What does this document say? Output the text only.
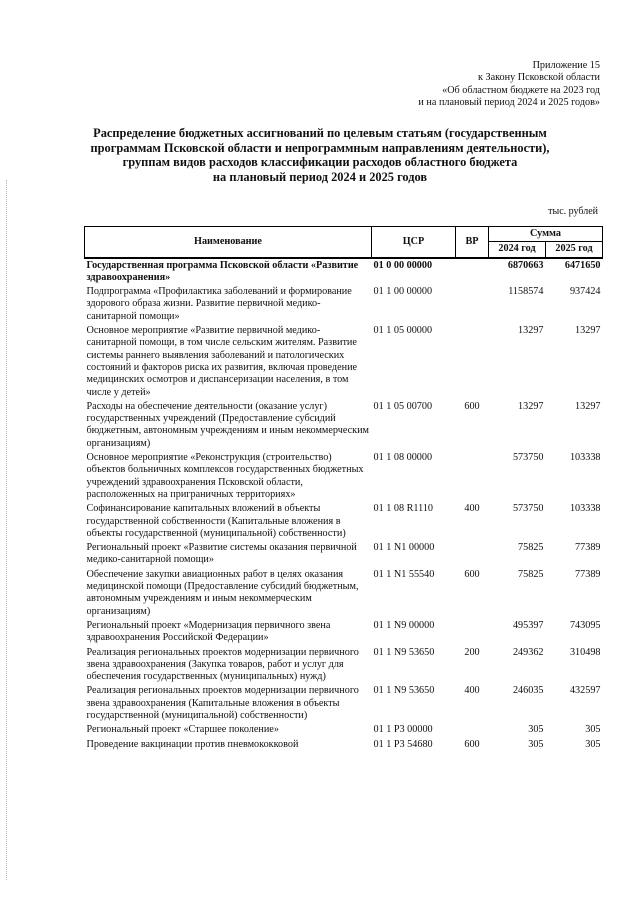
Приложение 15
к Закону Псковской области
«Об областном бюджете на 2023 год
и на плановый период 2024 и 2025 годов»
Распределение бюджетных ассигнований по целевым статьям (государственным
программам Псковской области и непрограммным направлениям деятельности),
группам видов расходов классификации расходов областного бюджета
на плановый период 2024 и 2025 годов
тыс. рублей
Наименование	ЦСР	ВР	Сумма	
			2024 год	2025 год
Государственная программа Псковской области «Развитие здравоохранения»	01 0 00 00000		6870663	6471650
Подпрограмма «Профилактика заболеваний и формирование здорового образа жизни. Развитие первичной медико-санитарной помощи»	01 1 00 00000		1158574	937424
Основное мероприятие «Развитие первичной медико-санитарной помощи, в том числе сельским жителям. Развитие системы раннего выявления заболеваний и патологических состояний и факторов риска их развития, включая проведение медицинских осмотров и диспансеризации населения, в том числе у детей»	01 1 05 00000		13297	13297
Расходы на обеспечение деятельности (оказание услуг) государственных учреждений (Предоставление субсидий бюджетным, автономным учреждениям и иным некоммерческим организациям)	01 1 05 00700	600	13297	13297
Основное мероприятие «Реконструкция (строительство) объектов больничных комплексов государственных бюджетных учреждений здравоохранения Псковской области, расположенных на приграничных территориях»	01 1 08 00000		573750	103338
Софинансирование капитальных вложений в объекты государственной собственности (Капитальные вложения в объекты государственной (муниципальной) собственности)	01 1 08 R1110	400	573750	103338
Региональный проект «Развитие системы оказания первичной медико-санитарной помощи»	01 1 N1 00000		75825	77389
Обеспечение закупки авиационных работ в целях оказания медицинской помощи (Предоставление субсидий бюджетным, автономным учреждениям и иным некоммерческим организациям)	01 1 N1 55540	600	75825	77389
Региональный проект «Модернизация первичного звена здравоохранения Российской Федерации»	01 1 N9 00000		495397	743095
Реализация региональных проектов модернизации первичного звена здравоохранения (Закупка товаров, работ и услуг для обеспечения государственных (муниципальных) нужд)	01 1 N9 53650	200	249362	310498
Реализация региональных проектов модернизации первичного звена здравоохранения (Капитальные вложения в объекты государственной (муниципальной) собственности)	01 1 N9 53650	400	246035	432597
Региональный проект «Старшее поколение»	01 1 P3 00000		305	305
Проведение вакцинации против пневмококковой	01 1 P3 54680	600	305	305
